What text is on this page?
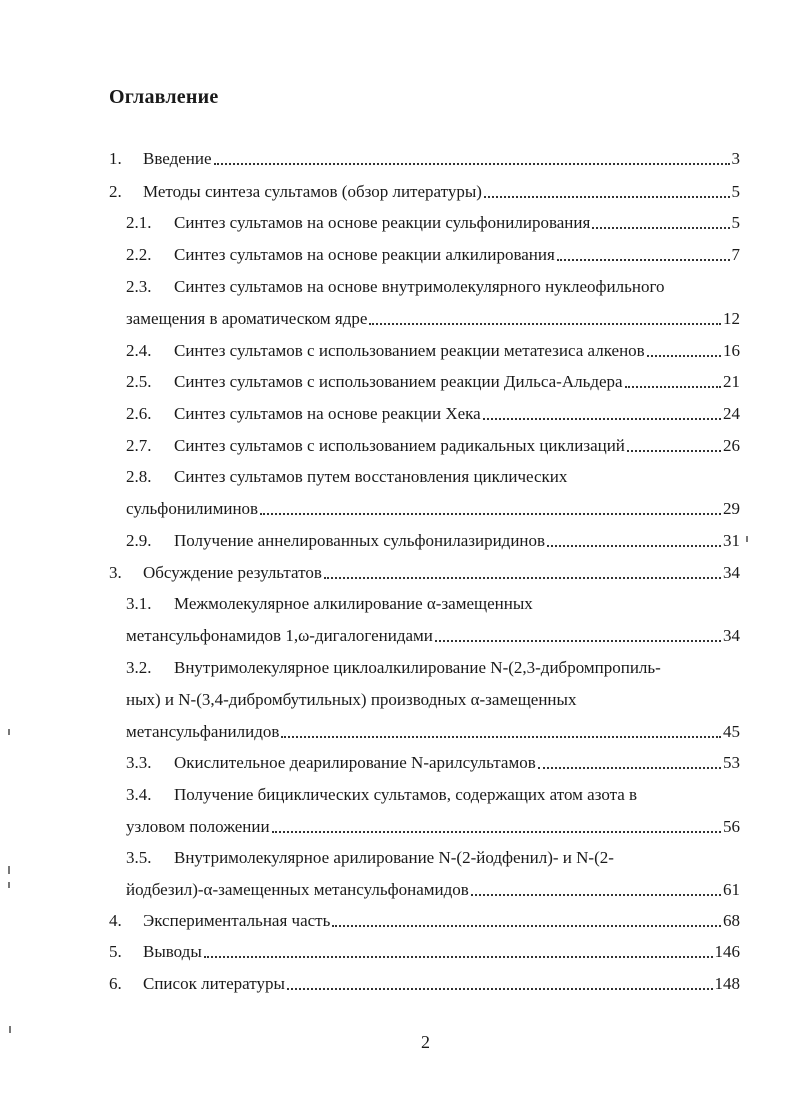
Оглавление
1.	Введение	3
2.	Методы синтеза сультамов (обзор литературы)	5
2.1.	Синтез сультамов на основе реакции сульфонилирования	5
2.2.	Синтез сультамов на основе реакции алкилирования	7
2.3.	Синтез сультамов на основе внутримолекулярного нуклеофильного
замещения в ароматическом ядре	12
2.4.	Синтез сультамов с использованием реакции метатезиса алкенов	16
2.5.	Синтез сультамов с использованием реакции Дильса-Альдера	21
2.6.	Синтез сультамов на основе реакции Хека	24
2.7.	Синтез сультамов с использованием радикальных циклизаций	26
2.8.	Синтез сультамов путем восстановления циклических
сульфонилиминов	29
2.9.	Получение аннелированных сульфонилазиридинов	31
3.	Обсуждение результатов	34
3.1.	Межмолекулярное алкилирование α-замещенных
метансульфонамидов 1,ω-дигалогенидами	34
3.2.	Внутримолекулярное циклоалкилирование N-(2,3-дибромпропиль-
ных) и N-(3,4-дибромбутильных) производных α-замещенных
метансульфанилидов	45
3.3.	Окислительное деарилирование N-арилсультамов	53
3.4.	Получение бициклических сультамов, содержащих атом азота в
узловом положении	56
3.5.	Внутримолекулярное арилирование N-(2-йодфенил)- и N-(2-
йодбезил)-α-замещенных метансульфонамидов	61
4.	Экспериментальная часть	68
5.	Выводы	146
6.	Список литературы	148
2
